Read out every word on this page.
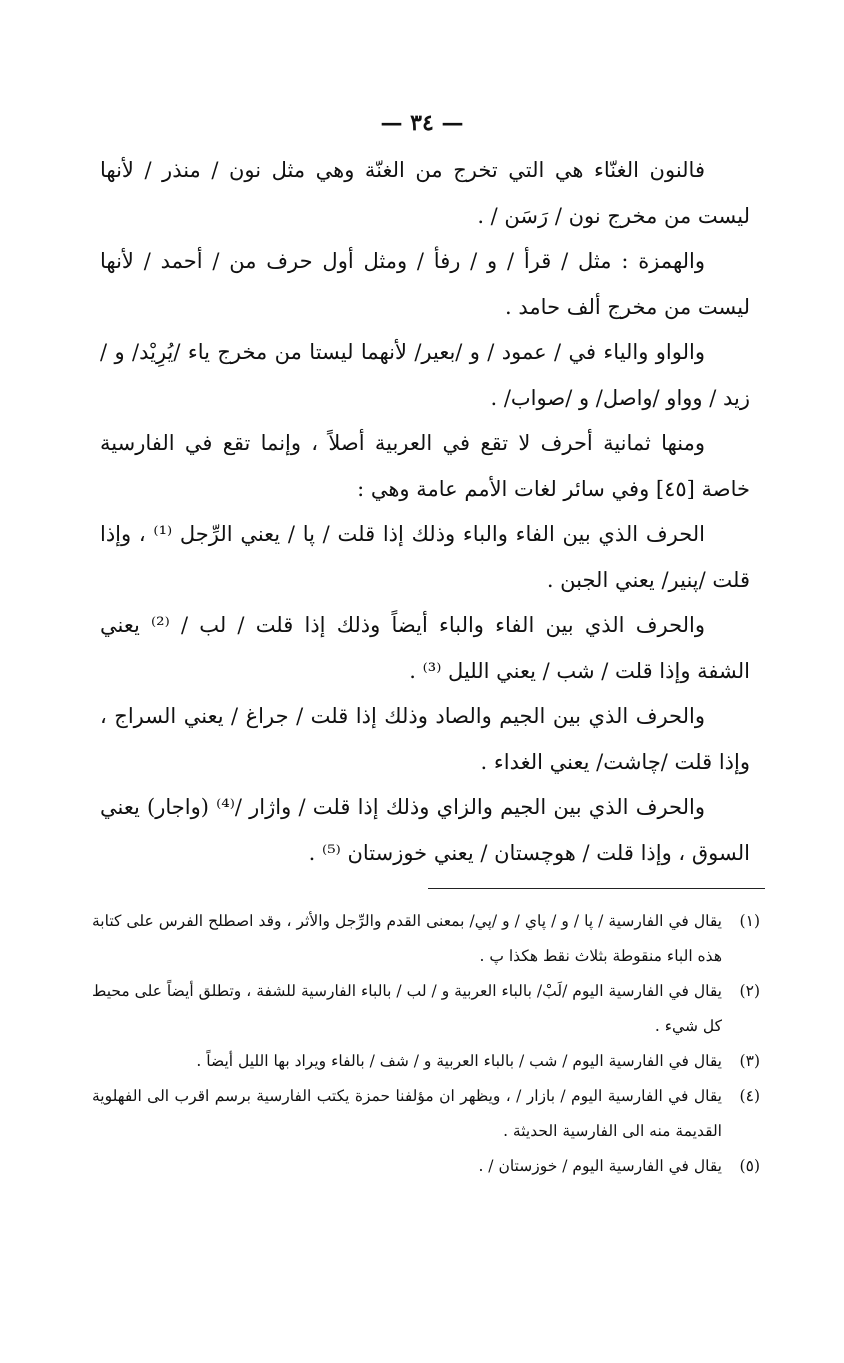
— ٣٤ —

فالنون الغنّاء هي التي تخرج من الغنّة وهي مثل نون / منذر / لأنها ليست من مخرج نون / رَسَن / .

والهمزة : مثل / قرأ / و / رفأ / ومثل أول حرف من / أحمد / لأنها ليست من مخرج ألف حامد .

والواو والياء في / عمود / و /بعير/ لأنهما ليستا من مخرج ياء /يُرِيْد/ و / زيد / وواو /واصل/ و /صواب/ .

ومنها ثمانية أحرف لا تقع في العربية أصلاً ، وإنما تقع في الفارسية خاصة [٤٥] وفي سائر لغات الأمم عامة وهي :

الحرف الذي بين الفاء والباء وذلك إذا قلت / پا / يعني الرِّجل ⁽¹⁾ ، وإذا قلت /پنير/ يعني الجبن .

والحرف الذي بين الفاء والباء أيضاً وذلك إذا قلت / لب / ⁽²⁾ يعني الشفة وإذا قلت / شب / يعني الليل ⁽³⁾ .

والحرف الذي بين الجيم والصاد وذلك إذا قلت / جراغ / يعني السراج ، وإذا قلت /چاشت/ يعني الغداء .

والحرف الذي بين الجيم والزاي وذلك إذا قلت / واژار /⁽⁴⁾ (واجار) يعني السوق ، وإذا قلت / هوچستان / يعني خوزستان ⁽⁵⁾ .

(١)
يقال في الفارسية / پا / و / پاي / و /پي/ بمعنى القدم والرِّجل والأثر ، وقد اصطلح الفرس على كتابة هذه الباء منقوطة بثلاث نقط هكذا پ .
(٢)
يقال في الفارسية اليوم /لَبْ/ بالباء العربية و / لب / بالباء الفارسية للشفة ، وتطلق أيضاً على محيط كل شيء .
(٣)
يقال في الفارسية اليوم / شب / بالباء العربية و / شف / بالفاء ويراد بها الليل أيضاً .
(٤)
يقال في الفارسية اليوم / بازار / ، ويظهر ان مؤلفنا حمزة يكتب الفارسية برسم اقرب الى الفهلوية القديمة منه الى الفارسية الحديثة .
(٥)
يقال في الفارسية اليوم / خوزستان / .
